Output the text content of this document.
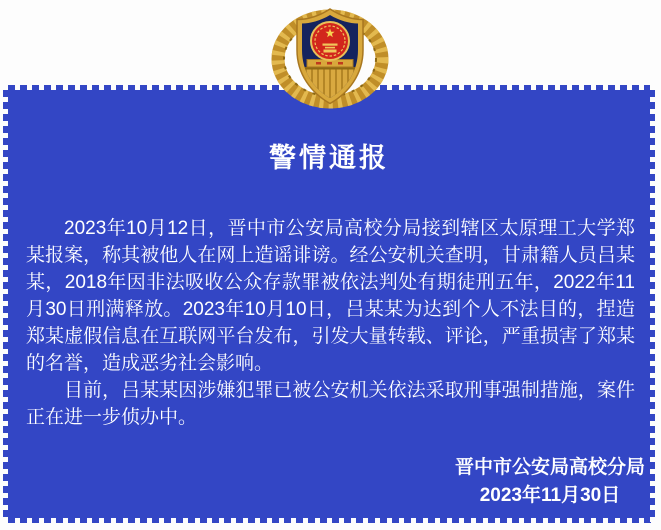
警情通报

2023年10月12日，晋中市公安局高校分局接到辖区太原理工大学郑某报案，称其被他人在网上造谣诽谤。经公安机关查明，甘肃籍人员吕某某，2018年因非法吸收公众存款罪被依法判处有期徒刑五年，2022年11月30日刑满释放。2023年10月10日，吕某某为达到个人不法目的，捏造郑某虚假信息在互联网平台发布，引发大量转载、评论，严重损害了郑某的名誉，造成恶劣社会影响。

目前，吕某某因涉嫌犯罪已被公安机关依法采取刑事强制措施，案件正在进一步侦办中。

晋中市公安局高校分局
2023年11月30日
